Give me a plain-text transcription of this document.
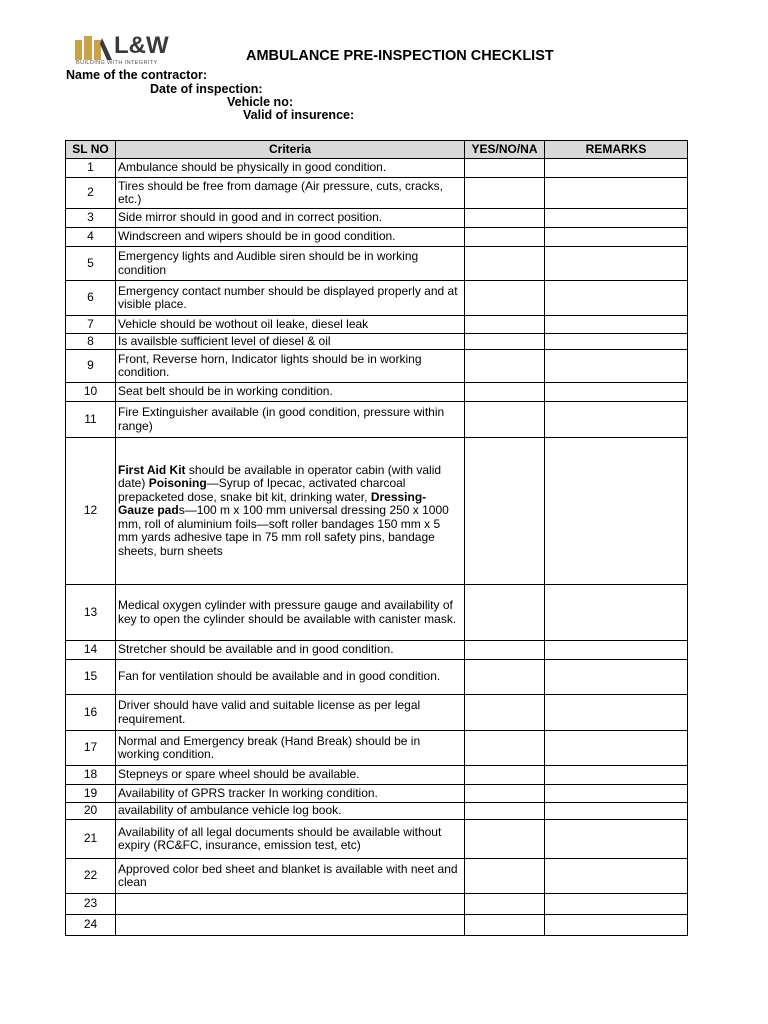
L&W
BUILDING WITH INTEGRITY	AMBULANCE PRE-INSPECTION CHECKLIST
Name of the contractor:
Date of inspection:
Vehicle no:
Valid of insurence:
SL NO	Criteria	YES/NO/NA	REMARKS
1	Ambulance should be physically in good condition.		
2	Tires should be free from damage (Air pressure, cuts, cracks, etc.)		
3	Side mirror should in good and in correct position.		
4	Windscreen and wipers should be in good condition.		
5	Emergency lights and Audible siren should be in working condition		
6	Emergency contact number should be displayed properly and at visible place.		
7	Vehicle should be wothout oil leake, diesel leak		
8	Is availsble sufficient level of diesel & oil		
9	Front, Reverse horn, Indicator lights should be in working condition.		
10	Seat belt should be in working condition.		
11	Fire Extinguisher available (in good condition, pressure within range)		
12	First Aid Kit should be available in operator cabin (with valid date) Poisoning—Syrup of Ipecac, activated charcoal prepacketed dose, snake bit kit, drinking water, Dressing-Gauze pads—100 m x 100 mm universal dressing 250 x 1000 mm, roll of aluminium foils—soft roller bandages 150 mm x 5 mm yards adhesive tape in 75 mm roll safety pins, bandage sheets, burn sheets		
13	Medical oxygen cylinder with pressure gauge and availability of key to open the cylinder should be available with canister mask.		
14	Stretcher should be available and in good condition.		
15	Fan for ventilation should be available and in good condition.		
16	Driver should have valid and suitable license as per legal requirement.		
17	Normal and Emergency break (Hand Break) should be in working condition.		
18	Stepneys or spare wheel should be available.		
19	Availability of GPRS tracker In working condition.		
20	availability of ambulance vehicle log book.		
21	Availability of all legal documents should be available without expiry (RC&FC, insurance, emission test, etc)		
22	Approved color bed sheet and blanket is available with neet and clean		
23			
24			
